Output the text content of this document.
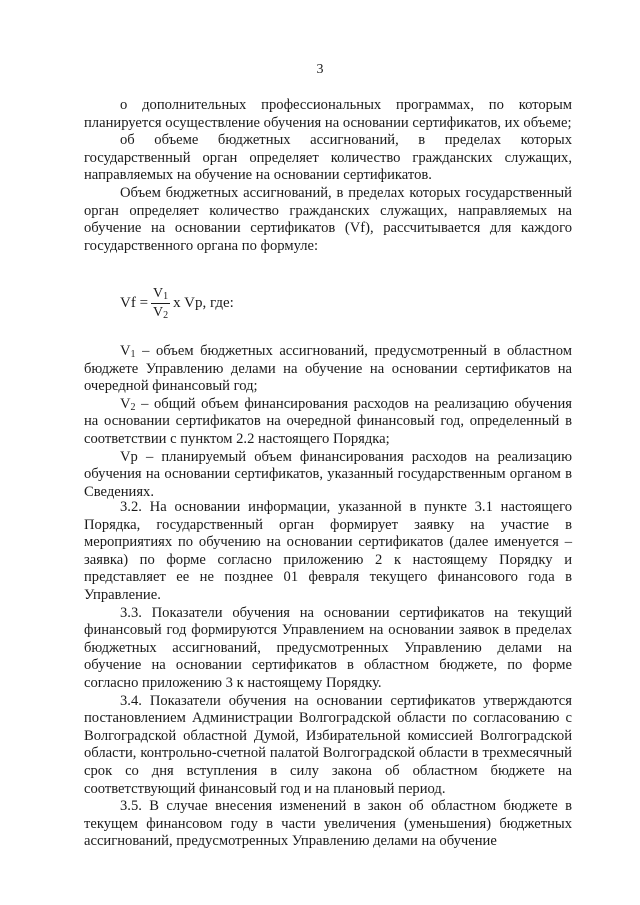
3

о дополнительных профессиональных программах, по которым планируется осуществление обучения на основании сертификатов, их объеме;

об объеме бюджетных ассигнований, в пределах которых государственный орган определяет количество гражданских служащих, направляемых на обучение на основании сертификатов.

Объем бюджетных ассигнований, в пределах которых государственный орган определяет количество гражданских служащих, направляемых на обучение на основании сертификатов (Vf), рассчитывается для каждого государственного органа по формуле:

$Vf = \frac{V_1}{V_2}$ x Vp, где:

$V_1$ – объем бюджетных ассигнований, предусмотренный в областном бюджете Управлению делами на обучение на основании сертификатов на очередной финансовый год;

$V_2$ – общий объем финансирования расходов на реализацию обучения на основании сертификатов на очередной финансовый год, определенный в соответствии с пунктом 2.2 настоящего Порядка;

Vp – планируемый объем финансирования расходов на реализацию обучения на основании сертификатов, указанный государственным органом в Сведениях.

3.2. На основании информации, указанной в пункте 3.1 настоящего Порядка, государственный орган формирует заявку на участие в мероприятиях по обучению на основании сертификатов (далее именуется – заявка) по форме согласно приложению 2 к настоящему Порядку и представляет ее не позднее 01 февраля текущего финансового года в Управление.

3.3. Показатели обучения на основании сертификатов на текущий финансовый год формируются Управлением на основании заявок в пределах бюджетных ассигнований, предусмотренных Управлению делами на обучение на основании сертификатов в областном бюджете, по форме согласно приложению 3 к настоящему Порядку.

3.4. Показатели обучения на основании сертификатов утверждаются постановлением Администрации Волгоградской области по согласованию с Волгоградской областной Думой, Избирательной комиссией Волгоградской области, контрольно-счетной палатой Волгоградской области в трехмесячный срок со дня вступления в силу закона об областном бюджете на соответствующий финансовый год и на плановый период.

3.5. В случае внесения изменений в закон об областном бюджете в текущем финансовом году в части увеличения (уменьшения) бюджетных ассигнований, предусмотренных Управлению делами на обучение
